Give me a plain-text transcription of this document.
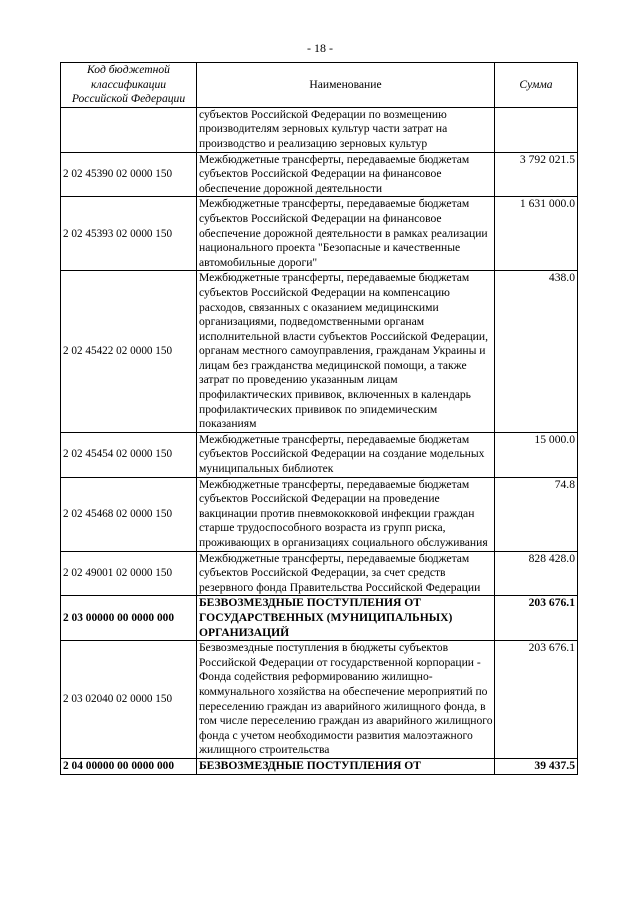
- 18 -
Код бюджетной классификации Российской Федерации	Наименование	Сумма
	субъектов Российской Федерации по возмещению производителям зерновых культур части затрат на производство и реализацию зерновых культур	
2 02 45390 02 0000 150	Межбюджетные трансферты, передаваемые бюджетам субъектов Российской Федерации на финансовое обеспечение дорожной деятельности	3 792 021.5
2 02 45393 02 0000 150	Межбюджетные трансферты, передаваемые бюджетам субъектов Российской Федерации на финансовое обеспечение дорожной деятельности в рамках реализации национального проекта "Безопасные и качественные автомобильные дороги"	1 631 000.0
2 02 45422 02 0000 150	Межбюджетные трансферты, передаваемые бюджетам субъектов Российской Федерации на компенсацию расходов, связанных с оказанием медицинскими организациями, подведомственными органам исполнительной власти субъектов Российской Федерации, органам местного самоуправления, гражданам Украины и лицам без гражданства медицинской помощи, а также затрат по проведению указанным лицам профилактических прививок, включенных в календарь профилактических прививок по эпидемическим показаниям	438.0
2 02 45454 02 0000 150	Межбюджетные трансферты, передаваемые бюджетам субъектов Российской Федерации на создание модельных муниципальных библиотек	15 000.0
2 02 45468 02 0000 150	Межбюджетные трансферты, передаваемые бюджетам субъектов Российской Федерации на проведение вакцинации против пневмококковой инфекции граждан старше трудоспособного возраста из групп риска, проживающих в организациях социального обслуживания	74.8
2 02 49001 02 0000 150	Межбюджетные трансферты, передаваемые бюджетам субъектов Российской Федерации, за счет средств резервного фонда Правительства Российской Федерации	828 428.0
2 03 00000 00 0000 000	БЕЗВОЗМЕЗДНЫЕ ПОСТУПЛЕНИЯ ОТ ГОСУДАРСТВЕННЫХ (МУНИЦИПАЛЬНЫХ) ОРГАНИЗАЦИЙ	203 676.1
2 03 02040 02 0000 150	Безвозмездные поступления в бюджеты субъектов Российской Федерации от государственной корпорации - Фонда содействия реформированию жилищно-коммунального хозяйства на обеспечение мероприятий по переселению граждан из аварийного жилищного фонда, в том числе переселению граждан из аварийного жилищного фонда с учетом необходимости развития малоэтажного жилищного строительства	203 676.1
2 04 00000 00 0000 000	БЕЗВОЗМЕЗДНЫЕ ПОСТУПЛЕНИЯ ОТ	39 437.5
